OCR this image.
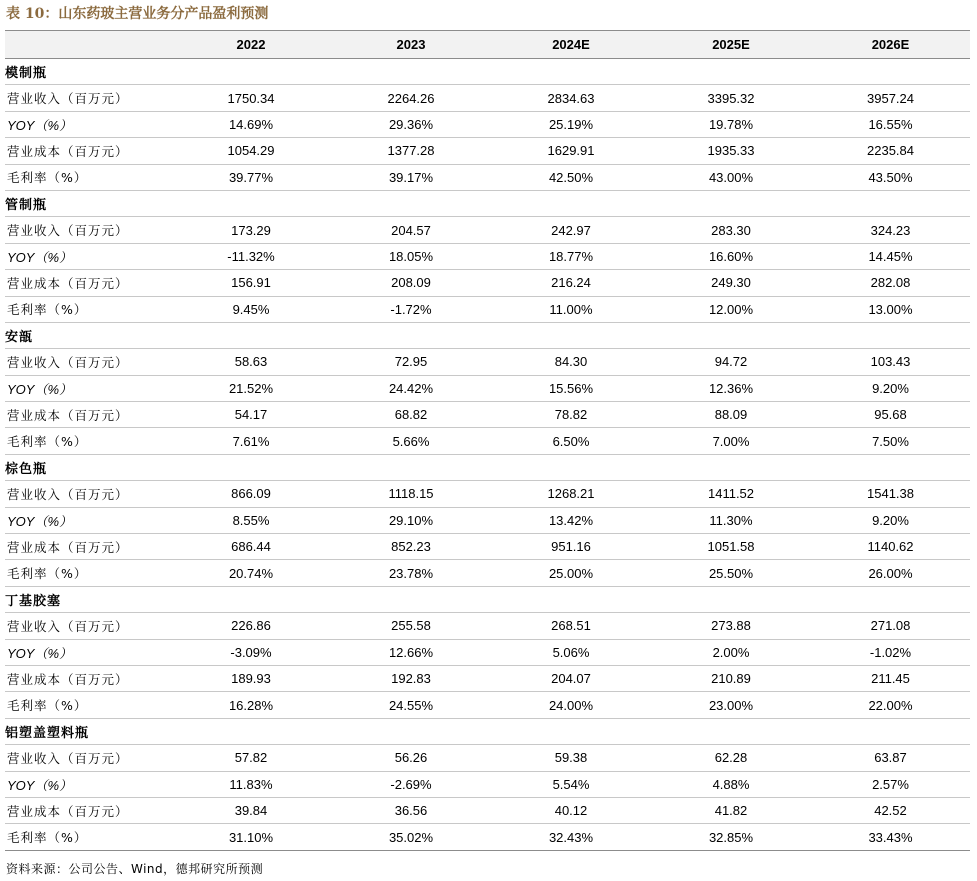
表 10：山东药玻主营业务分产品盈利预测
	2022	2023	2024E	2025E	2026E
模制瓶					
营业收入（百万元）	1750.34	2264.26	2834.63	3395.32	3957.24
YOY（%）	14.69%	29.36%	25.19%	19.78%	16.55%
营业成本（百万元）	1054.29	1377.28	1629.91	1935.33	2235.84
毛利率（%）	39.77%	39.17%	42.50%	43.00%	43.50%
管制瓶					
营业收入（百万元）	173.29	204.57	242.97	283.30	324.23
YOY（%）	-11.32%	18.05%	18.77%	16.60%	14.45%
营业成本（百万元）	156.91	208.09	216.24	249.30	282.08
毛利率（%）	9.45%	-1.72%	11.00%	12.00%	13.00%
安瓿					
营业收入（百万元）	58.63	72.95	84.30	94.72	103.43
YOY（%）	21.52%	24.42%	15.56%	12.36%	9.20%
营业成本（百万元）	54.17	68.82	78.82	88.09	95.68
毛利率（%）	7.61%	5.66%	6.50%	7.00%	7.50%
棕色瓶					
营业收入（百万元）	866.09	1118.15	1268.21	1411.52	1541.38
YOY（%）	8.55%	29.10%	13.42%	11.30%	9.20%
营业成本（百万元）	686.44	852.23	951.16	1051.58	1140.62
毛利率（%）	20.74%	23.78%	25.00%	25.50%	26.00%
丁基胶塞					
营业收入（百万元）	226.86	255.58	268.51	273.88	271.08
YOY（%）	-3.09%	12.66%	5.06%	2.00%	-1.02%
营业成本（百万元）	189.93	192.83	204.07	210.89	211.45
毛利率（%）	16.28%	24.55%	24.00%	23.00%	22.00%
铝塑盖塑料瓶					
营业收入（百万元）	57.82	56.26	59.38	62.28	63.87
YOY（%）	11.83%	-2.69%	5.54%	4.88%	2.57%
营业成本（百万元）	39.84	36.56	40.12	41.82	42.52
毛利率（%）	31.10%	35.02%	32.43%	32.85%	33.43%
资料来源：公司公告、Wind，德邦研究所预测
